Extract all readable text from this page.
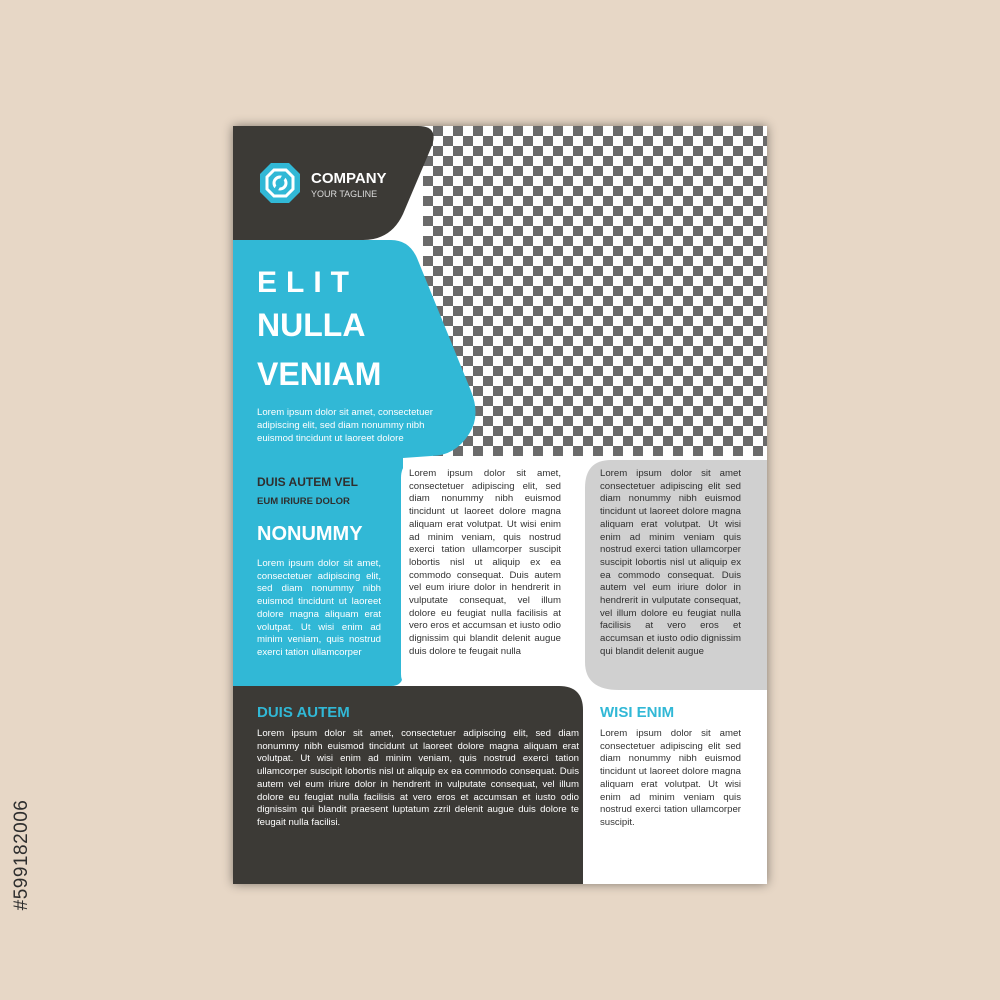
#599182006
COMPANY
YOUR TAGLINE
ELIT
NULLA
VENIAM
Lorem ipsum dolor sit amet, consectetuer adipiscing elit, sed diam nonummy nibh euismod tincidunt ut laoreet dolore
DUIS AUTEM VEL
EUM IRIURE DOLOR
NONUMMY
Lorem ipsum dolor sit amet, consectetuer adipiscing elit, sed diam nonummy nibh euismod tincidunt ut laoreet dolore magna aliquam erat volutpat. Ut wisi enim ad minim veniam, quis nostrud exerci tation ullamcorper
Lorem ipsum dolor sit amet, consectetuer adipiscing elit, sed diam nonummy nibh euismod tincidunt ut laoreet dolore magna aliquam erat volutpat. Ut wisi enim ad minim veniam, quis nostrud exerci tation ullamcorper suscipit lobortis nisl ut aliquip ex ea commodo consequat. Duis autem vel eum iriure dolor in hendrerit in vulputate consequat, vel illum dolore eu feugiat nulla facilisis at vero eros et accumsan et iusto odio dignissim qui blandit delenit augue duis dolore te feugait nulla
Lorem ipsum dolor sit amet consectetuer adipiscing elit sed diam nonummy nibh euismod tincidunt ut laoreet dolore magna aliquam erat volutpat. Ut wisi enim ad minim veniam quis nostrud exerci tation ullamcorper suscipit lobortis nisl ut aliquip ex ea commodo consequat. Duis autem vel eum iriure dolor in hendrerit in vulputate consequat, vel illum dolore eu feugiat nulla facilisis at vero eros et accumsan et iusto odio dignissim qui blandit delenit augue
DUIS AUTEM
Lorem ipsum dolor sit amet, consectetuer adipiscing elit, sed diam nonummy nibh euismod tincidunt ut laoreet dolore magna aliquam erat volutpat. Ut wisi enim ad minim veniam, quis nostrud exerci tation ullamcorper suscipit lobortis nisl ut aliquip ex ea commodo consequat. Duis autem vel eum iriure dolor in hendrerit in vulputate consequat, vel illum dolore eu feugiat nulla facilisis at vero eros et accumsan et iusto odio dignissim qui blandit praesent luptatum zzril delenit augue duis dolore te feugait nulla facilisi.
WISI ENIM
Lorem ipsum dolor sit amet consectetuer adipiscing elit sed diam nonummy nibh euismod tincidunt ut laoreet dolore magna aliquam erat volutpat. Ut wisi enim ad minim veniam quis nostrud exerci tation ullamcorper suscipit.
